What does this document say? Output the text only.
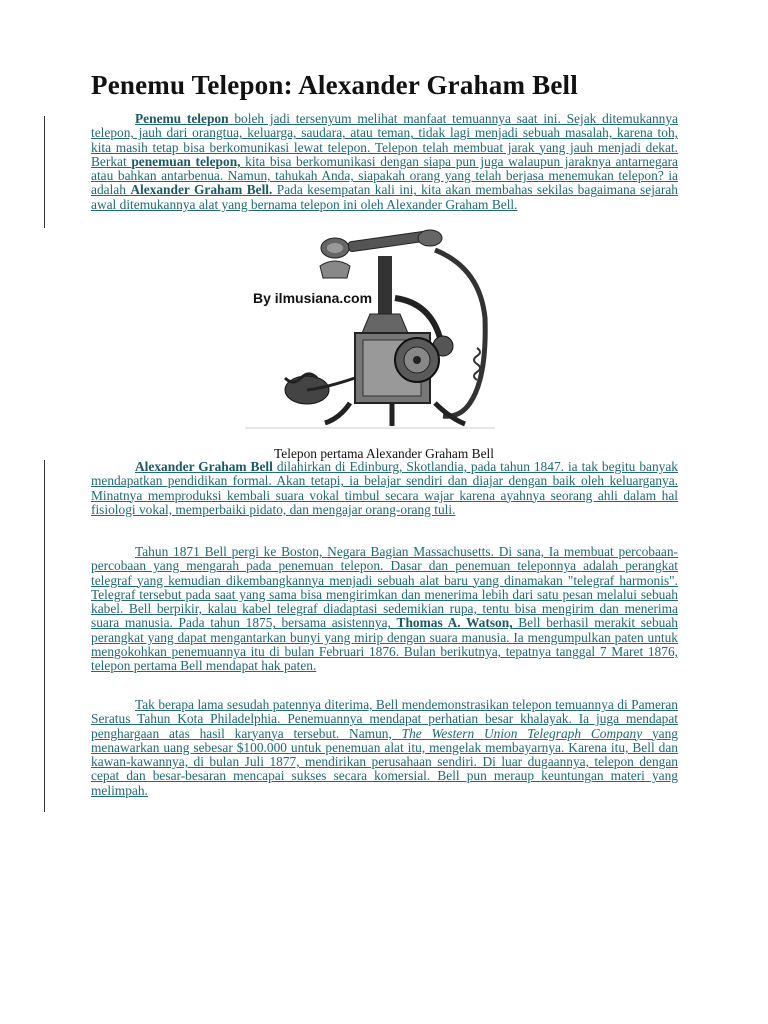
Penemu Telepon: Alexander Graham Bell

Penemu telepon boleh jadi tersenyum melihat manfaat temuannya saat ini. Sejak ditemukannya telepon, jauh dari orangtua, keluarga, saudara, atau teman, tidak lagi menjadi sebuah masalah, karena toh, kita masih tetap bisa berkomunikasi lewat telepon. Telepon telah membuat jarak yang jauh menjadi dekat. Berkat penemuan telepon, kita bisa berkomunikasi dengan siapa pun juga walaupun jaraknya antarnegara atau bahkan antarbenua. Namun, tahukah Anda, siapakah orang yang telah berjasa menemukan telepon? ia adalah Alexander Graham Bell. Pada kesempatan kali ini, kita akan membahas sekilas bagaimana sejarah awal ditemukannya alat yang bernama telepon ini oleh Alexander Graham Bell.

By ilmusiana.com

Telepon pertama Alexander Graham Bell

Alexander Graham Bell dilahirkan di Edinburg, Skotlandia, pada tahun 1847. ia tak begitu banyak mendapatkan pendidikan formal. Akan tetapi, ia belajar sendiri dan diajar dengan baik oleh keluarganya. Minatnya memproduksi kembali suara vokal timbul secara wajar karena ayahnya seorang ahli dalam hal fisiologi vokal, memperbaiki pidato, dan mengajar orang-orang tuli.

Tahun 1871 Bell pergi ke Boston, Negara Bagian Massachusetts. Di sana, Ia membuat percobaan-percobaan yang mengarah pada penemuan telepon. Dasar dan penemuan teleponnya adalah perangkat telegraf yang kemudian dikembangkannya menjadi sebuah alat baru yang dinamakan "telegraf harmonis". Telegraf tersebut pada saat yang sama bisa mengirimkan dan menerima lebih dari satu pesan melalui sebuah kabel. Bell berpikir, kalau kabel telegraf diadaptasi sedemikian rupa, tentu bisa mengirim dan menerima suara manusia. Pada tahun 1875, bersama asistennya, Thomas A. Watson, Bell berhasil merakit sebuah perangkat yang dapat mengantarkan bunyi yang mirip dengan suara manusia. Ia mengumpulkan paten untuk mengokohkan penemuannya itu di bulan Februari 1876. Bulan berikutnya, tepatnya tanggal 7 Maret 1876, telepon pertama Bell mendapat hak paten.

Tak berapa lama sesudah patennya diterima, Bell mendemonstrasikan telepon temuannya di Pameran Seratus Tahun Kota Philadelphia. Penemuannya mendapat perhatian besar khalayak. Ia juga mendapat penghargaan atas hasil karyanya tersebut. Namun, The Western Union Telegraph Company yang menawarkan uang sebesar $100.000 untuk penemuan alat itu, mengelak membayarnya. Karena itu, Bell dan kawan-kawannya, di bulan Juli 1877, mendirikan perusahaan sendiri. Di luar dugaannya, telepon dengan cepat dan besar-besaran mencapai sukses secara komersial. Bell pun meraup keuntungan materi yang melimpah.
